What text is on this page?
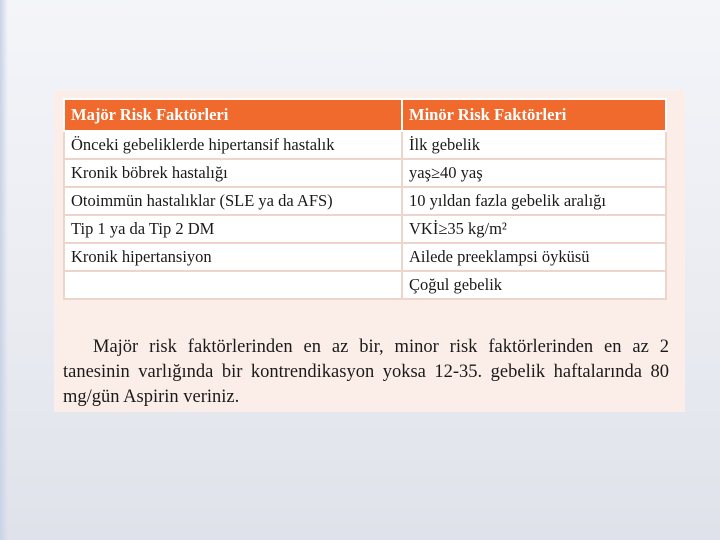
Majör Risk Faktörleri	Minör Risk Faktörleri
Önceki gebeliklerde hipertansif hastalık	İlk gebelik
Kronik böbrek hastalığı	yaş≥40 yaş
Otoimmün hastalıklar (SLE ya da AFS)	10 yıldan fazla gebelik aralığı
Tip 1 ya da Tip 2 DM	VKİ≥35 kg/m²
Kronik hipertansiyon	Ailede preeklampsi öyküsü
	Çoğul gebelik

Majör risk faktörlerinden en az bir, minor risk faktörlerinden en az 2 tanesinin varlığında bir kontrendikasyon yoksa 12-35. gebelik haftalarında 80 mg/gün Aspirin veriniz.
